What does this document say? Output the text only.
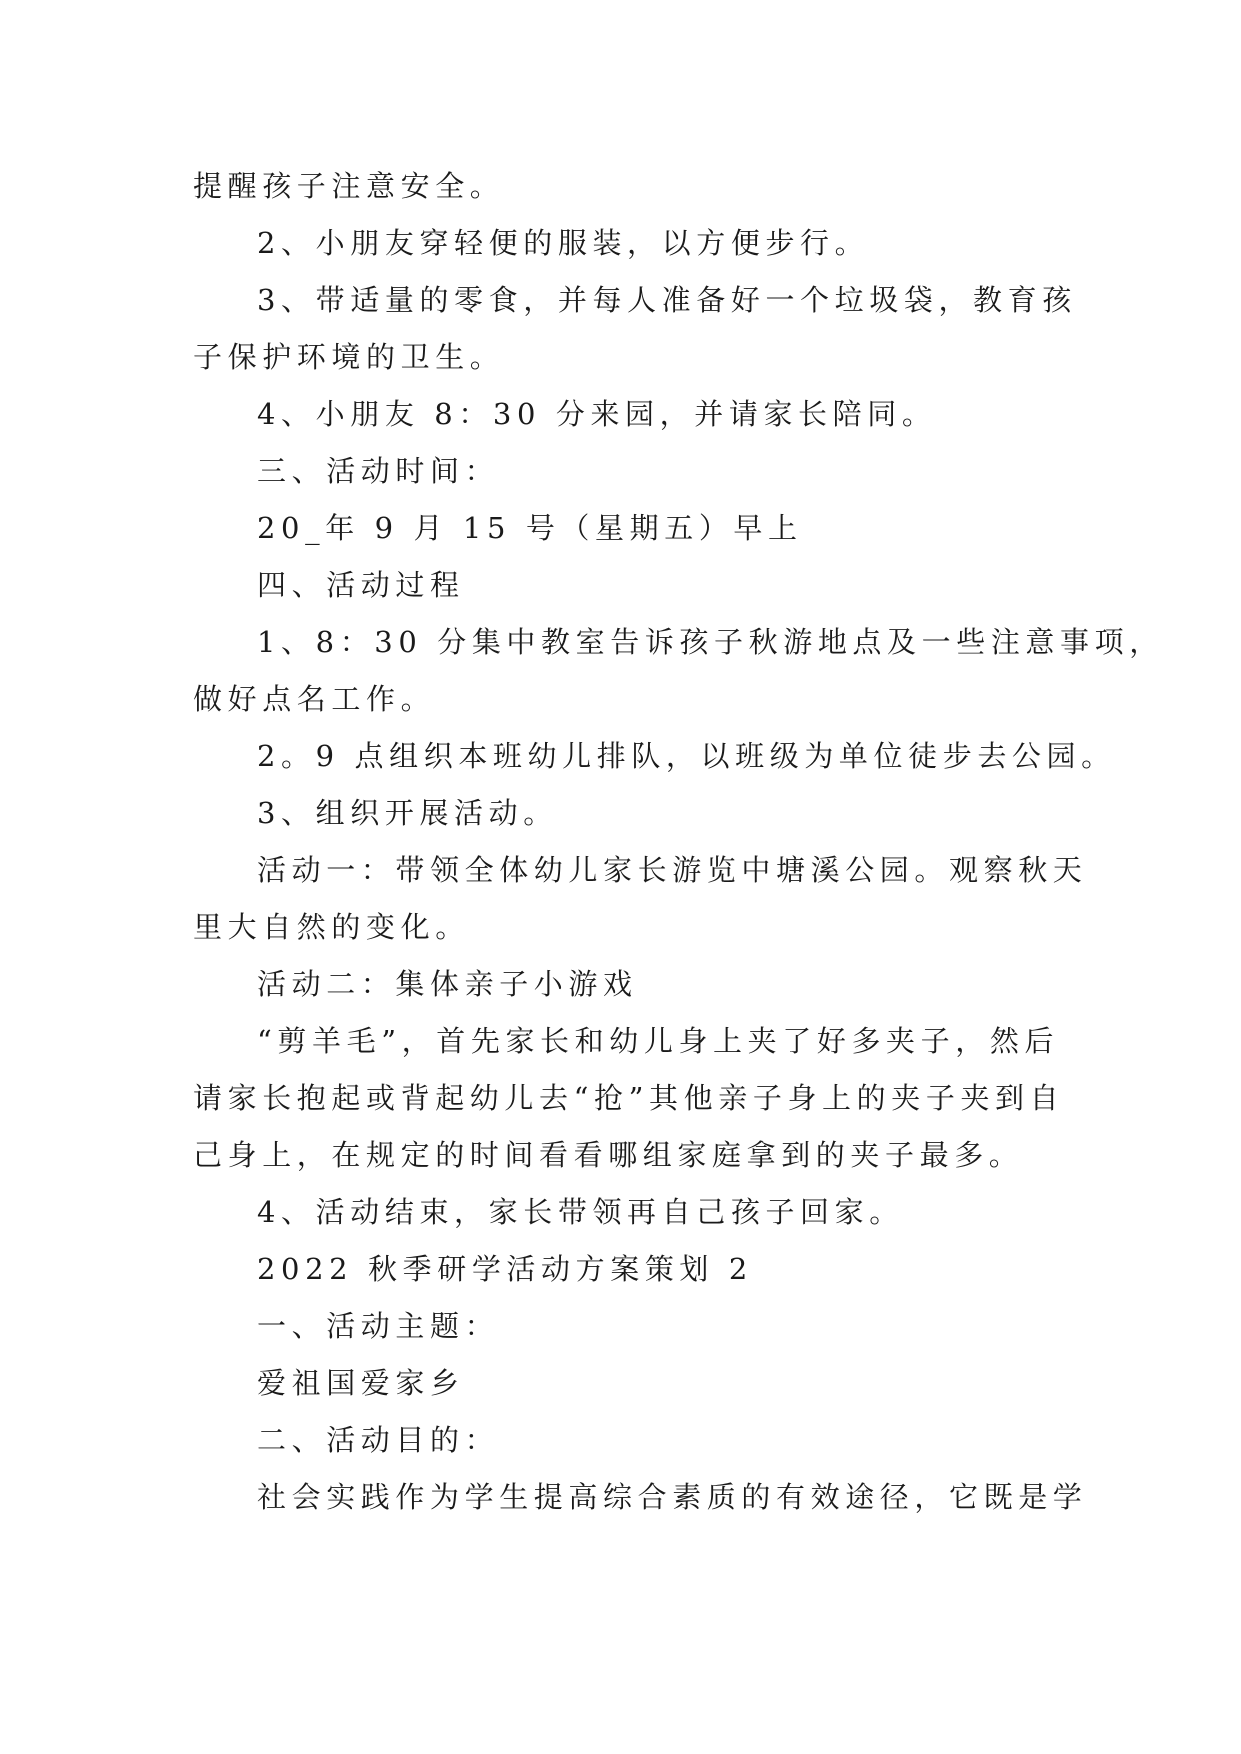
提醒孩子注意安全。
2、小朋友穿轻便的服装，以方便步行。
3、带适量的零食，并每人准备好一个垃圾袋，教育孩
子保护环境的卫生。
4、小朋友 8：30 分来园，并请家长陪同。
三、活动时间：
20_年 9 月 15 号（星期五）早上
四、活动过程
1、8：30 分集中教室告诉孩子秋游地点及一些注意事项，
做好点名工作。
2。9 点组织本班幼儿排队，以班级为单位徒步去公园。
3、组织开展活动。
活动一：带领全体幼儿家长游览中塘溪公园。观察秋天
里大自然的变化。
活动二：集体亲子小游戏
“剪羊毛”，首先家长和幼儿身上夹了好多夹子，然后
请家长抱起或背起幼儿去“抢”其他亲子身上的夹子夹到自
己身上，在规定的时间看看哪组家庭拿到的夹子最多。
4、活动结束，家长带领再自己孩子回家。
2022 秋季研学活动方案策划 2
一、活动主题：
爱祖国爱家乡
二、活动目的：
社会实践作为学生提高综合素质的有效途径，它既是学
